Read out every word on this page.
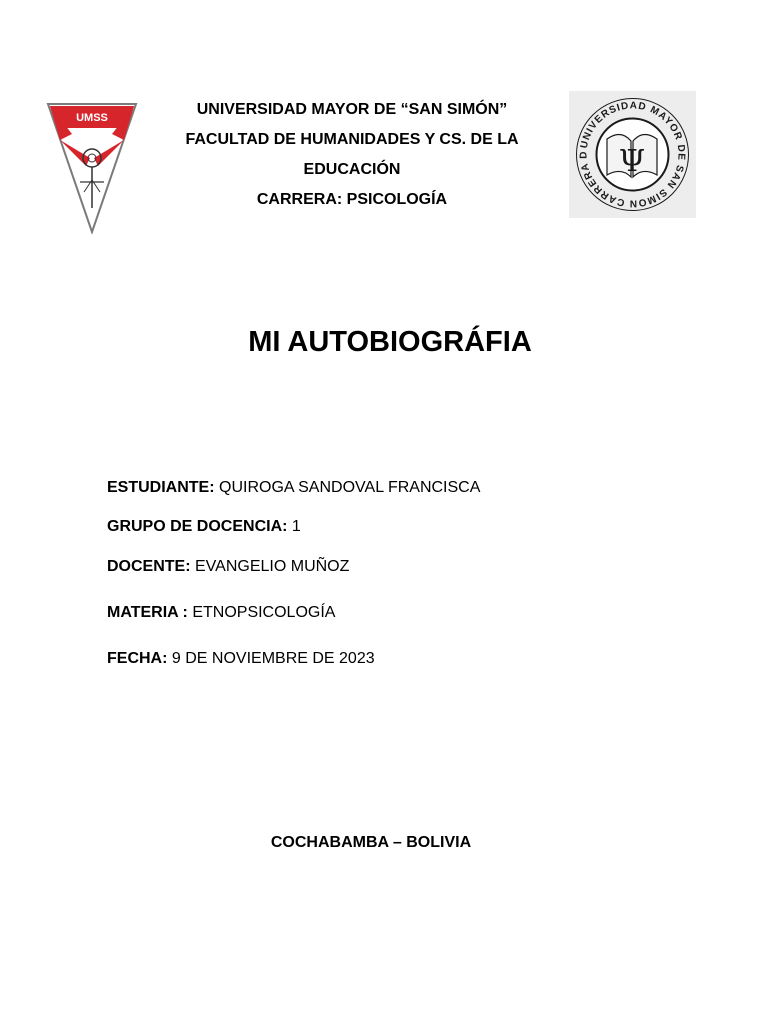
UMSS
UNIVERSIDAD MAYOR DE SAN SIMON CARRERA D Ψ
UNIVERSIDAD MAYOR DE “SAN SIMÓN”
FACULTAD DE HUMANIDADES Y CS. DE LA
EDUCACIÓN
CARRERA: PSICOLOGÍA
MI AUTOBIOGRÁFIA
ESTUDIANTE: QUIROGA SANDOVAL FRANCISCA
GRUPO DE DOCENCIA: 1
DOCENTE: EVANGELIO MUÑOZ
MATERIA : ETNOPSICOLOGÍA
FECHA: 9 DE NOVIEMBRE DE 2023
COCHABAMBA – BOLIVIA
